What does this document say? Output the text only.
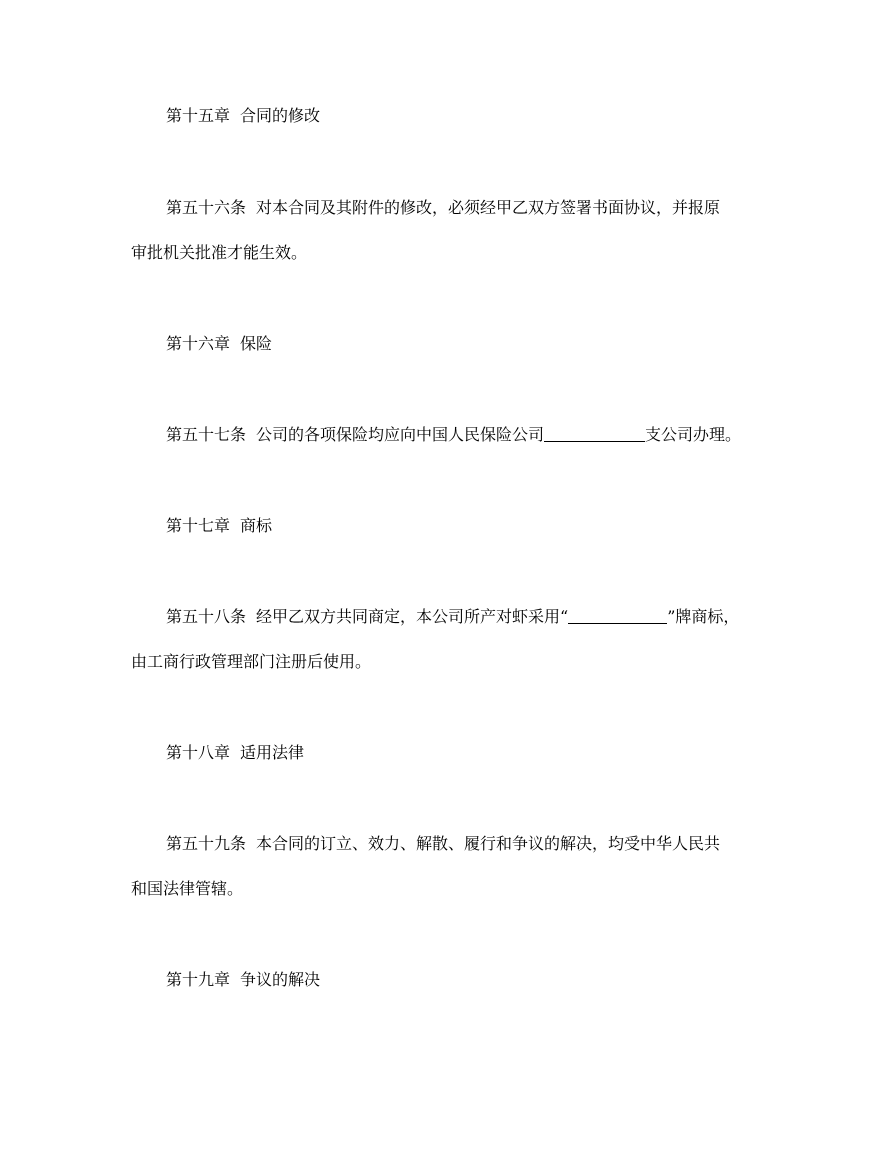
第十五章 合同的修改

第五十六条 对本合同及其附件的修改，必须经甲乙双方签署书面协议，并报原

审批机关批准才能生效。

第十六章 保险

第五十七条 公司的各项保险均应向中国人民保险公司	支公司办理。

第十七章 商标

第五十八条 经甲乙双方共同商定，本公司所产对虾采用“	”牌商标，

由工商行政管理部门注册后使用。

第十八章 适用法律

第五十九条 本合同的订立、效力、解散、履行和争议的解决，均受中华人民共

和国法律管辖。

第十九章 争议的解决
